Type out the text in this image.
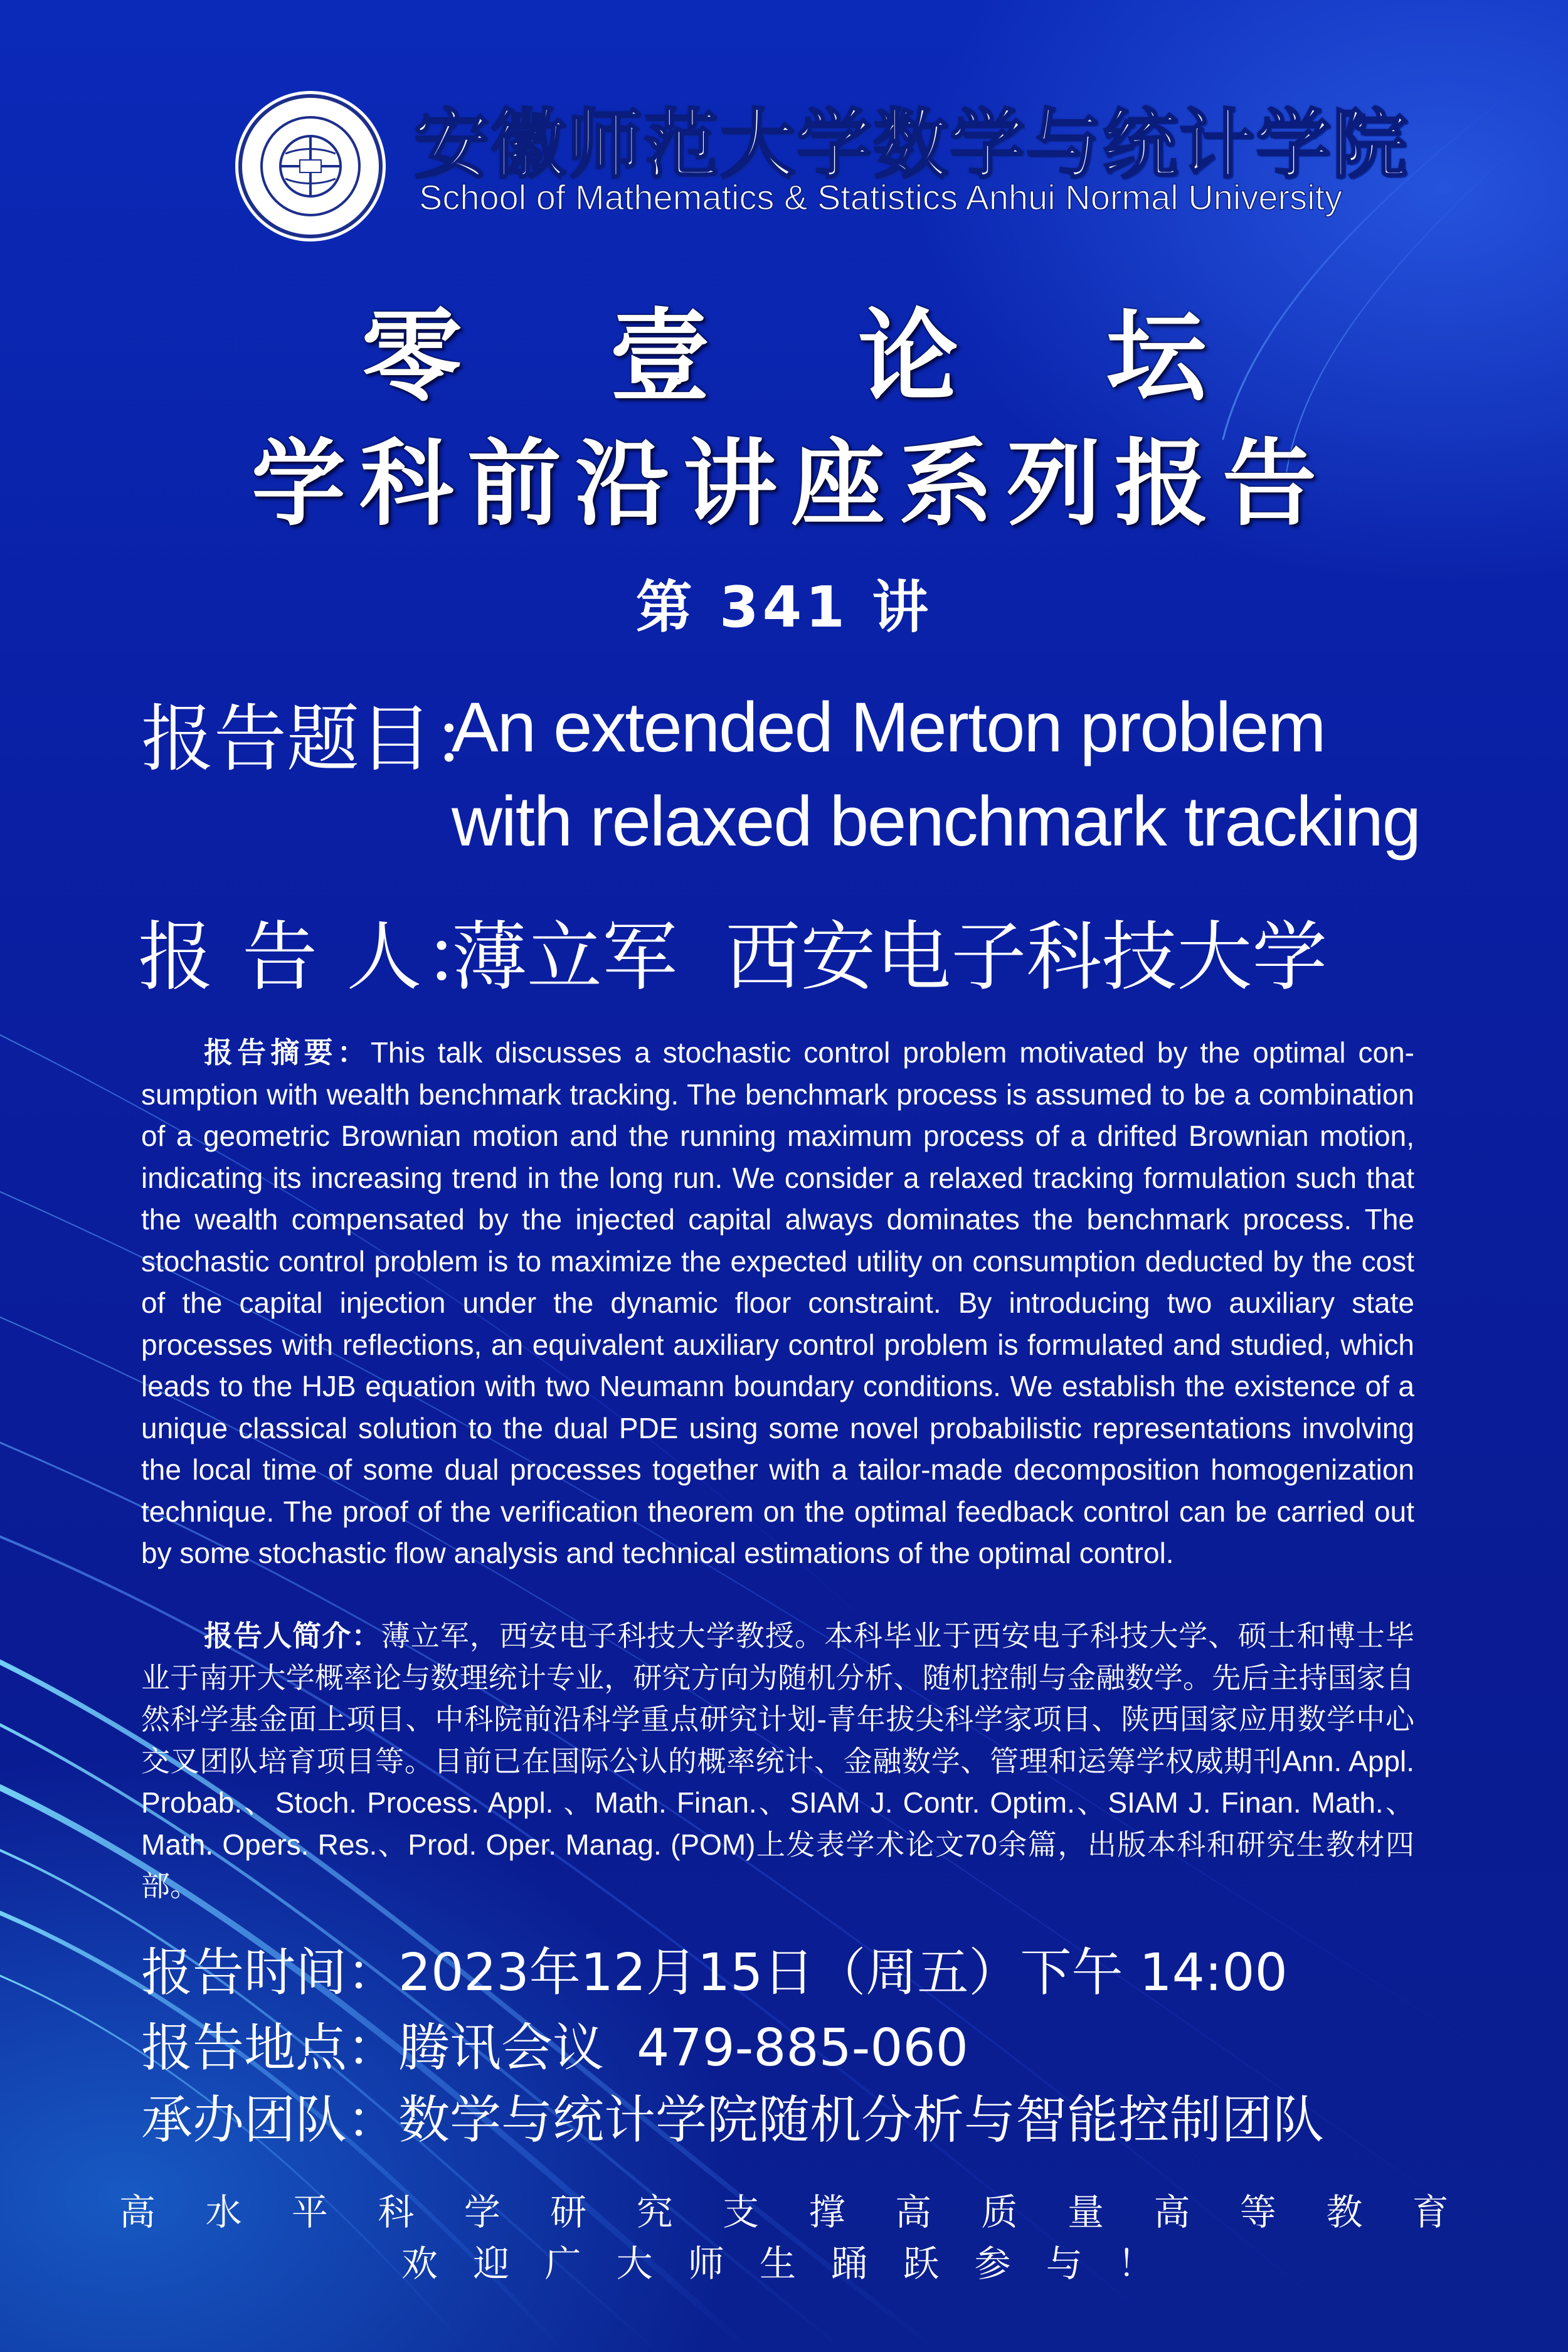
安徽师范大学数学与统计学院
School of Mathematics & Statistics Anhui Normal University
零 壹 论 坛
学科前沿讲座系列报告
第 341 讲
报告题目：
An extended Merton problem with relaxed benchmark tracking
报 告 人：
薄立军  西安电子科技大学
报告摘要：This talk discusses a stochastic control problem motivated by the optimal consumption with wealth benchmark tracking. The benchmark process is assumed to be a combination of a geometric Brownian motion and the running maximum process of a drifted Brownian motion, indicating its increasing trend in the long run. We consider a relaxed tracking formulation such that the wealth compensated by the injected capital always dominates the benchmark process. The stochastic control problem is to maximize the expected utility on consumption deducted by the cost of the capital injection under the dynamic floor constraint. By introducing two auxiliary state processes with reflections, an equivalent auxiliary control problem is formulated and studied, which leads to the HJB equation with two Neumann boundary conditions. We establish the existence of a unique classical solution to the dual PDE using some novel probabilistic representations involving the local time of some dual processes together with a tailor-made decomposition homogenization technique. The proof of the verification theorem on the optimal feedback control can be carried out by some stochastic flow analysis and technical estimations of the optimal control.
报告人简介：薄立军，西安电子科技大学教授。本科毕业于西安电子科技大学、硕士和博士毕业于南开大学概率论与数理统计专业，研究方向为随机分析、随机控制与金融数学。先后主持国家自然科学基金面上项目、中科院前沿科学重点研究计划-青年拔尖科学家项目、陕西国家应用数学中心交叉团队培育项目等。目前已在国际公认的概率统计、金融数学、管理和运筹学权威期刊Ann. Appl. Probab.、Stoch. Process. Appl. 、Math. Finan.、SIAM J. Contr. Optim.、SIAM J. Finan. Math.、Math. Opers. Res.、Prod. Oper. Manag. (POM)上发表学术论文70余篇，出版本科和研究生教材四部。
报告时间：2023年12月15日（周五）下午 14:00
报告地点：腾讯会议  479-885-060
承办团队：数学与统计学院随机分析与智能控制团队
高 水 平 科 学 研 究 支 撑 高 质 量 高 等 教 育
欢 迎 广 大 师 生 踊 跃 参 与 ！
